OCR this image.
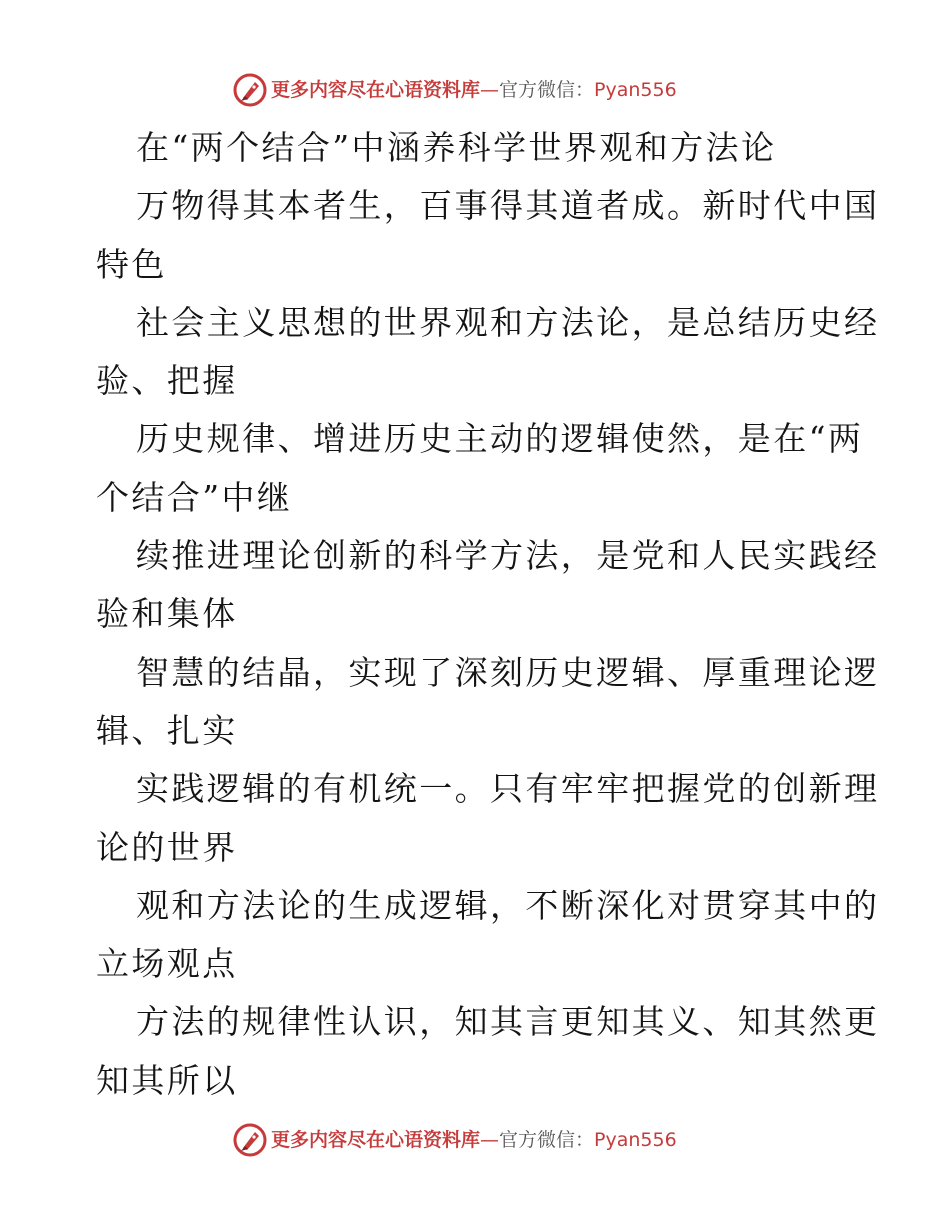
更多内容尽在心语资料库—官方微信：Pyan556
在“两个结合”中涵养科学世界观和方法论
万物得其本者生，百事得其道者成。新时代中国
特色
社会主义思想的世界观和方法论，是总结历史经
验、把握
历史规律、增进历史主动的逻辑使然，是在“两
个结合”中继
续推进理论创新的科学方法，是党和人民实践经
验和集体
智慧的结晶，实现了深刻历史逻辑、厚重理论逻
辑、扎实
实践逻辑的有机统一。只有牢牢把握党的创新理
论的世界
观和方法论的生成逻辑，不断深化对贯穿其中的
立场观点
方法的规律性认识，知其言更知其义、知其然更
知其所以
更多内容尽在心语资料库—官方微信：Pyan556
